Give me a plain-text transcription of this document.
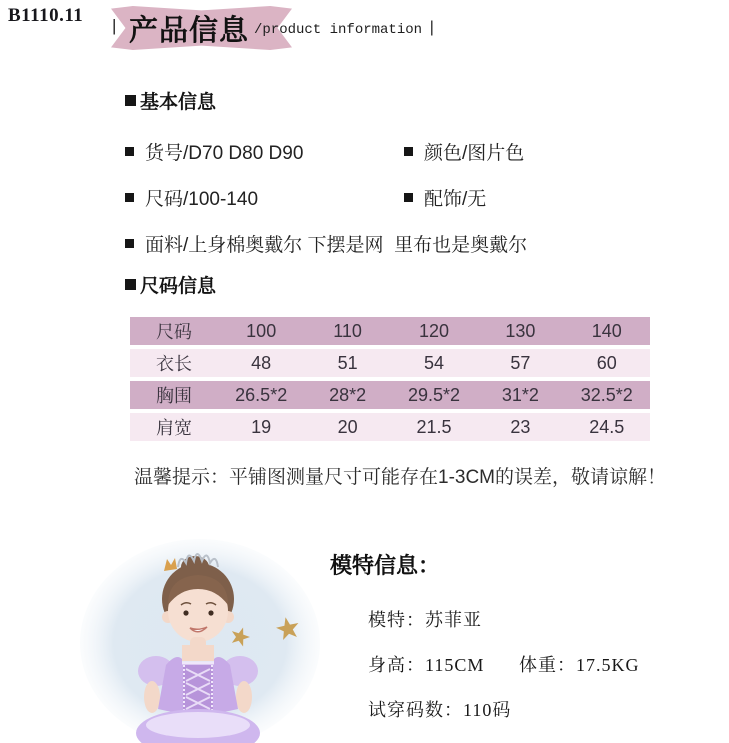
B1110.11 | 产品信息 /product information |
基本信息
货号/D70 D80 D90	颜色/图片色
尺码/100-140	配饰/无
面料/上身棉奥戴尔 下摆是网  里布也是奥戴尔
尺码信息
尺码	100	110	120	130	140
衣长	48	51	54	57	60
胸围	26.5*2	28*2	29.5*2	31*2	32.5*2
肩宽	19	20	21.5	23	24.5
温馨提示：平铺图测量尺寸可能存在1-3CM的误差，敬请谅解！
模特信息：
模特：苏菲亚
身高：115CM 体重：17.5KG
试穿码数：110码
